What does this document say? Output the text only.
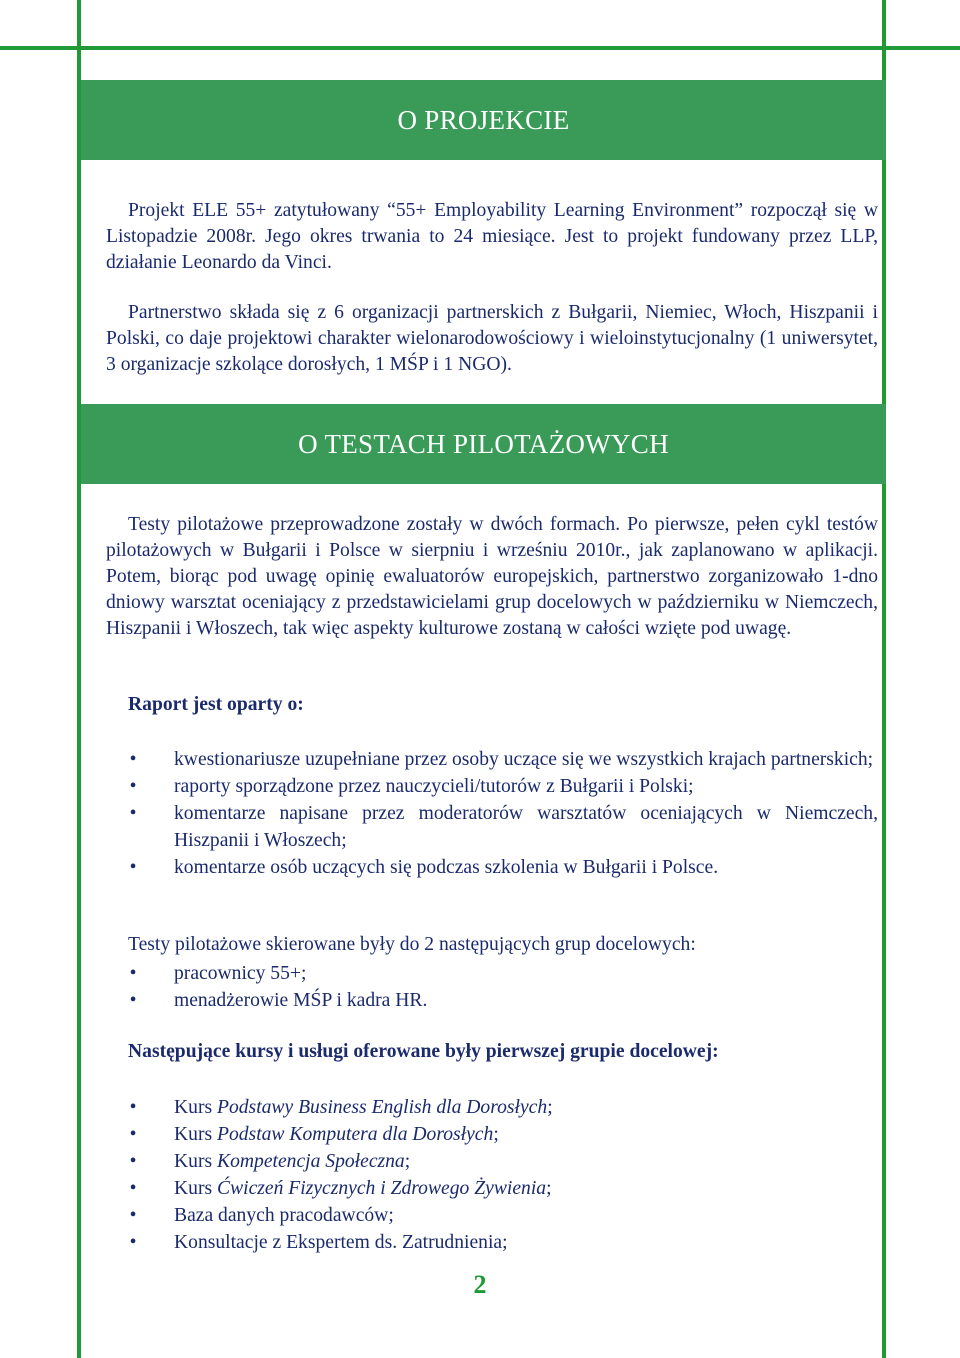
O PROJEKCIE

Projekt ELE 55+ zatytułowany “55+ Employability Learning Environment” rozpoczął się w Listopadzie 2008r. Jego okres trwania to 24 miesiące. Jest to projekt fundowany przez LLP, działanie Leonardo da Vinci.

Partnerstwo składa się z 6 organizacji partnerskich z Bułgarii, Niemiec, Włoch, Hiszpanii i Polski, co daje projektowi charakter wielonarodowościowy i wieloinstytucjonalny (1 uniwersytet, 3 organizacje szkolące dorosłych, 1 MŚP i 1 NGO).

O TESTACH PILOTAŻOWYCH

Testy pilotażowe przeprowadzone zostały w dwóch formach. Po pierwsze, pełen cykl testów pilotażowych w Bułgarii i Polsce w sierpniu i wrześniu 2010r., jak zaplanowano w aplikacji. Potem, biorąc pod uwagę opinię ewaluatorów europejskich, partnerstwo zorganizowało 1-dno dniowy warsztat oceniający z przedstawicielami grup docelowych w październiku w Niemczech, Hiszpanii i Włoszech, tak więc aspekty kulturowe zostaną w całości wzięte pod uwagę.

Raport jest oparty o:

• kwestionariusze uzupełniane przez osoby uczące się we wszystkich krajach partnerskich;
• raporty sporządzone przez nauczycieli/tutorów z Bułgarii i Polski;
• komentarze napisane przez moderatorów warsztatów oceniających w Niemczech, Hiszpanii i Włoszech;
• komentarze osób uczących się podczas szkolenia w Bułgarii i Polsce.

Testy pilotażowe skierowane były do 2 następujących grup docelowych:

• pracownicy 55+;
• menadżerowie MŚP i kadra HR.

Następujące kursy i usługi oferowane były pierwszej grupie docelowej:

• Kurs Podstawy Business English dla Dorosłych;
• Kurs Podstaw Komputera dla Dorosłych;
• Kurs Kompetencja Społeczna;
• Kurs Ćwiczeń Fizycznych i Zdrowego Żywienia;
• Baza danych pracodawców;
• Konsultacje z Ekspertem ds. Zatrudnienia;
2
